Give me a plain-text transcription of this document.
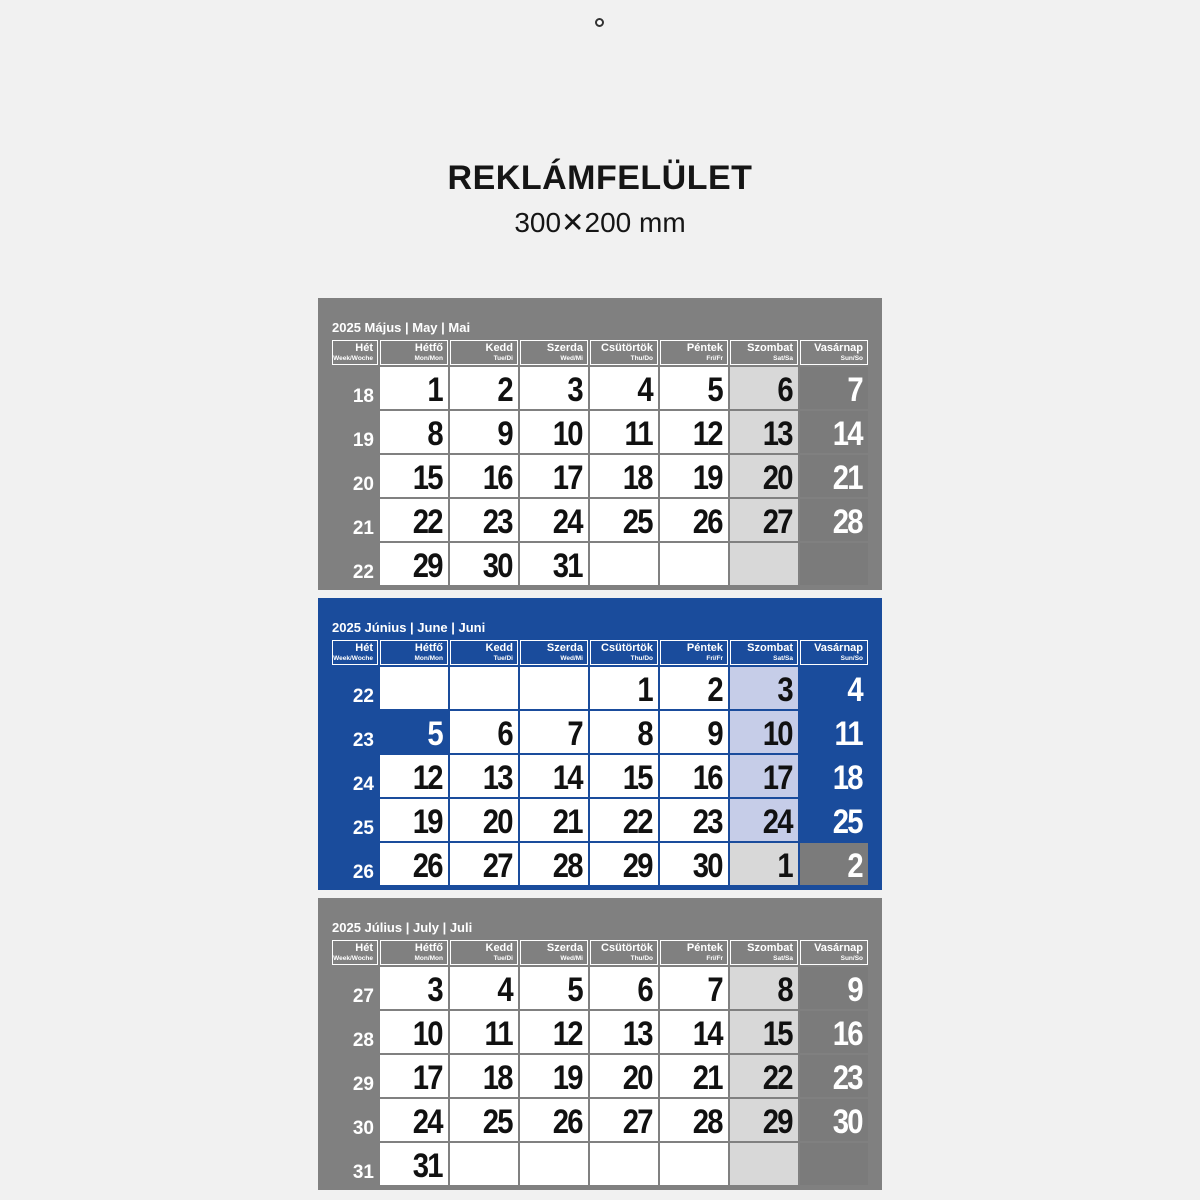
REKLÁMFELÜLET
300✕200 mm
2025 Május | May | Mai
Hét
Week/Woche
Hétfő
Mon/Mon
Kedd
Tue/Di
Szerda
Wed/Mi
Csütörtök
Thu/Do
Péntek
Fri/Fr
Szombat
Sat/Sa
Vasárnap
Sun/So
18 1 2 3 4 5 6 7
19 8 9 10 11 12 13 14
20 15 16 17 18 19 20 21
21 22 23 24 25 26 27 28
22 29 30 31
2025 Június | June | Juni
Hét
Week/Woche
Hétfő
Mon/Mon
Kedd
Tue/Di
Szerda
Wed/Mi
Csütörtök
Thu/Do
Péntek
Fri/Fr
Szombat
Sat/Sa
Vasárnap
Sun/So
22	1 2 3 4
23 5 6 7 8 9 10 11
24 12 13 14 15 16 17 18
25 19 20 21 22 23 24 25
26 26 27 28 29 30 1 2
2025 Július | July | Juli
Hét
Week/Woche
Hétfő
Mon/Mon
Kedd
Tue/Di
Szerda
Wed/Mi
Csütörtök
Thu/Do
Péntek
Fri/Fr
Szombat
Sat/Sa
Vasárnap
Sun/So
27 3 4 5 6 7 8 9
28 10 11 12 13 14 15 16
29 17 18 19 20 21 22 23
30 24 25 26 27 28 29 30
31 31
